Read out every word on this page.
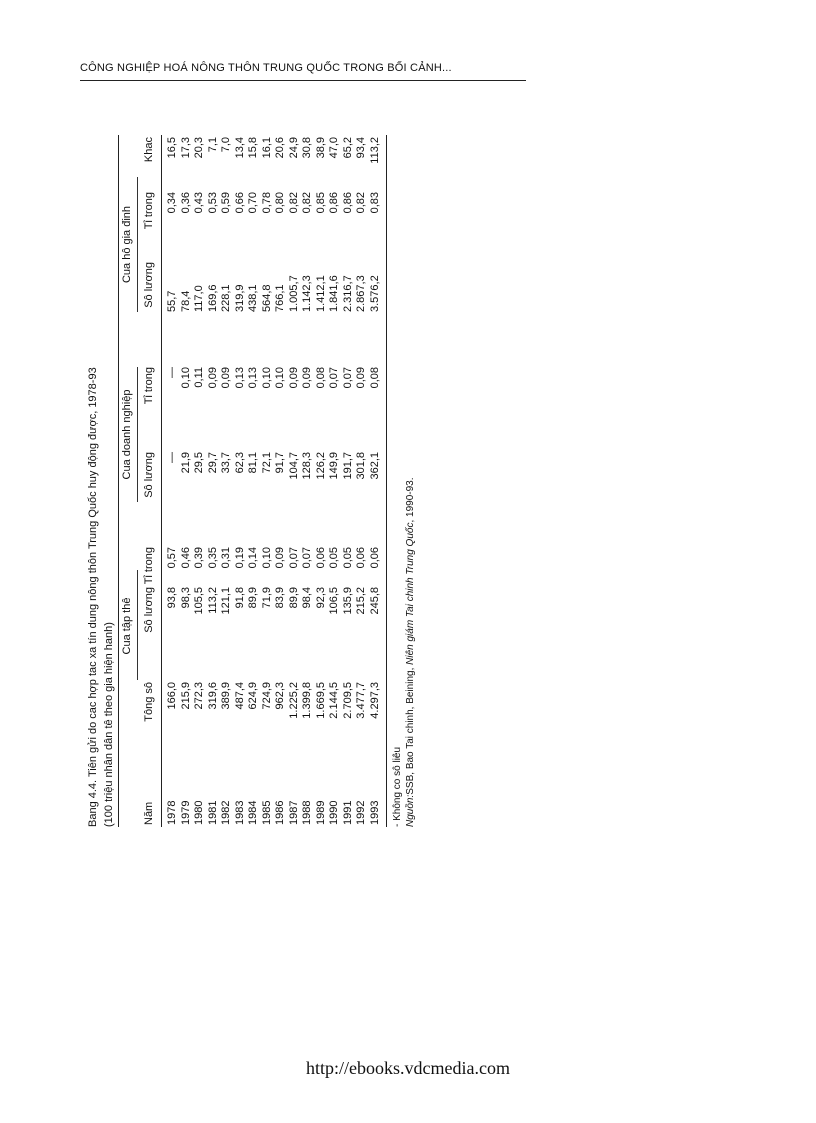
CÔNG NGHIỆP HOÁ NÔNG THÔN TRUNG QUỐC TRONG BỐI CẢNH...
Bang 4.4. Tiên gửi do cac hợp tac xa tín dung nông thôn Trung Quốc huy động được, 1978-93 (100 triệu nhân dân tê theo gia hiện hanh) Cua tập thê
Cua doanh nghiệp
Cua hô gia đinh
Năm
Tông sô
Sô lương
Tỉ trong
Sô lương
Tỉ trong
Sô lương
Tỉ trong
Khac
1978
166,0
93,8
0,57
—
—
55,7
0,34
16,5
1979
215,9
98,3
0,46
21,9
0,10
78,4
0,36
17,3
1980
272,3
105,5
0,39
29,5
0,11
117,0
0,43
20,3
1981
319,6
113,2
0,35
29,7
0,09
169,6
0,53
7,1
1982
389,9
121,1
0,31
33,7
0,09
228,1
0,59
7,0
1983
487,4
91,8
0,19
62,3
0,13
319,9
0,66
13,4
1984
624,9
89,9
0,14
81,1
0,13
438,1
0,70
15,8
1985
724,9
71,9
0,10
72,1
0,10
564,8
0,78
16,1
1986
962,3
83,9
0,09
91,7
0,10
766,1
0,80
20,6
1987
1.225,2
89,9
0,07
104,7
0,09
1.005,7
0,82
24,9
1988
1.399,8
98,4
0,07
128,3
0,09
1.142,3
0,82
30,8
1989
1.669,5
92,3
0,06
126,2
0,08
1.412,1
0,85
38,9
1990
2.144,5
106,5
0,05
149,9
0,07
1.841,6
0,86
47,0
1991
2.709,5
135,9
0,05
191,7
0,07
2.316,7
0,86
65,2
1992
3.477,7
215,2
0,06
301,8
0,09
2.867,3
0,82
93,4
1993
4.297,3
245,8
0,06
362,1
0,08
3.576,2
0,83
113,2
- Không co sô liêu Nguồn:SSB, Bao Tai chinh, Beining, Niên giám Tai chinh Trung Quốc, 1990-93.
http://ebooks.vdcmedia.com
